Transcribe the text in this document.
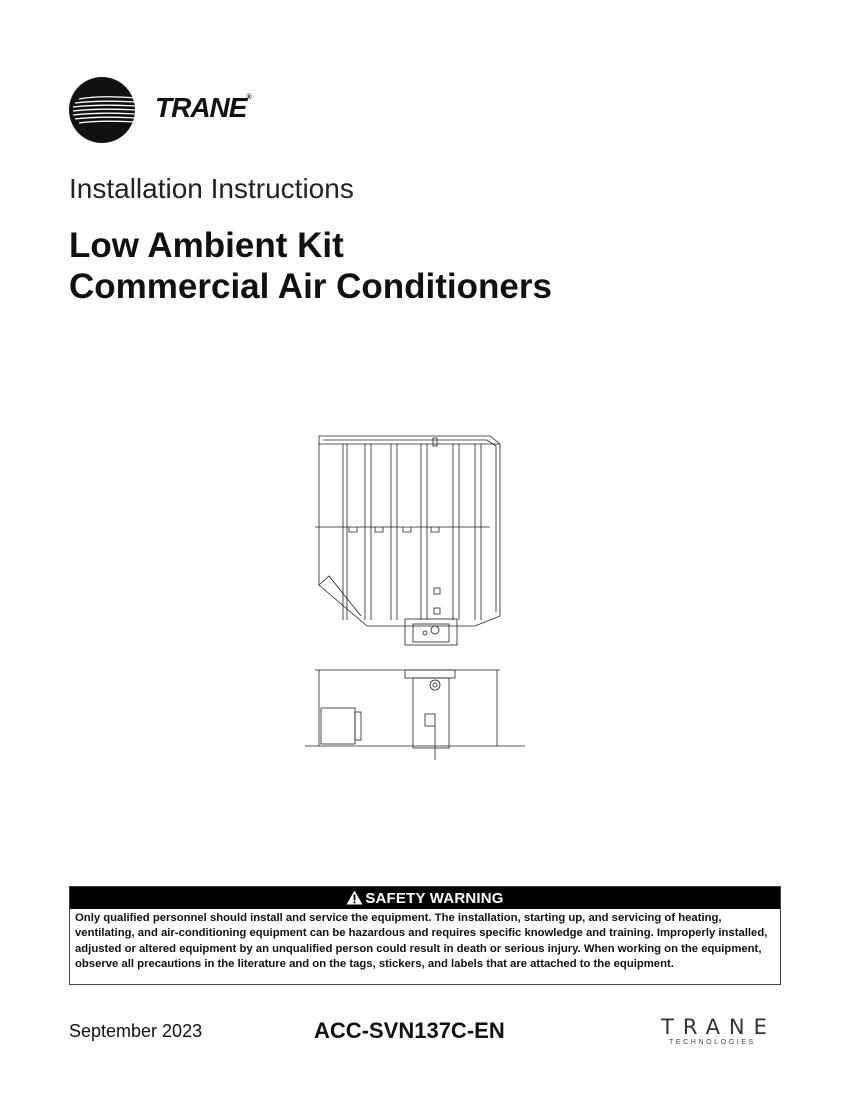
TRANE®
Installation Instructions
Low Ambient Kit
Commercial Air Conditioners
SAFETY WARNING
Only qualified personnel should install and service the equipment. The installation, starting up, and servicing of heating, ventilating, and air-conditioning equipment can be hazardous and requires specific knowledge and training. Improperly installed, adjusted or altered equipment by an unqualified person could result in death or serious injury. When working on the equipment, observe all precautions in the literature and on the tags, stickers, and labels that are attached to the equipment.
September 2023	ACC-SVN137C-EN	TRANE
TECHNOLOGIES
